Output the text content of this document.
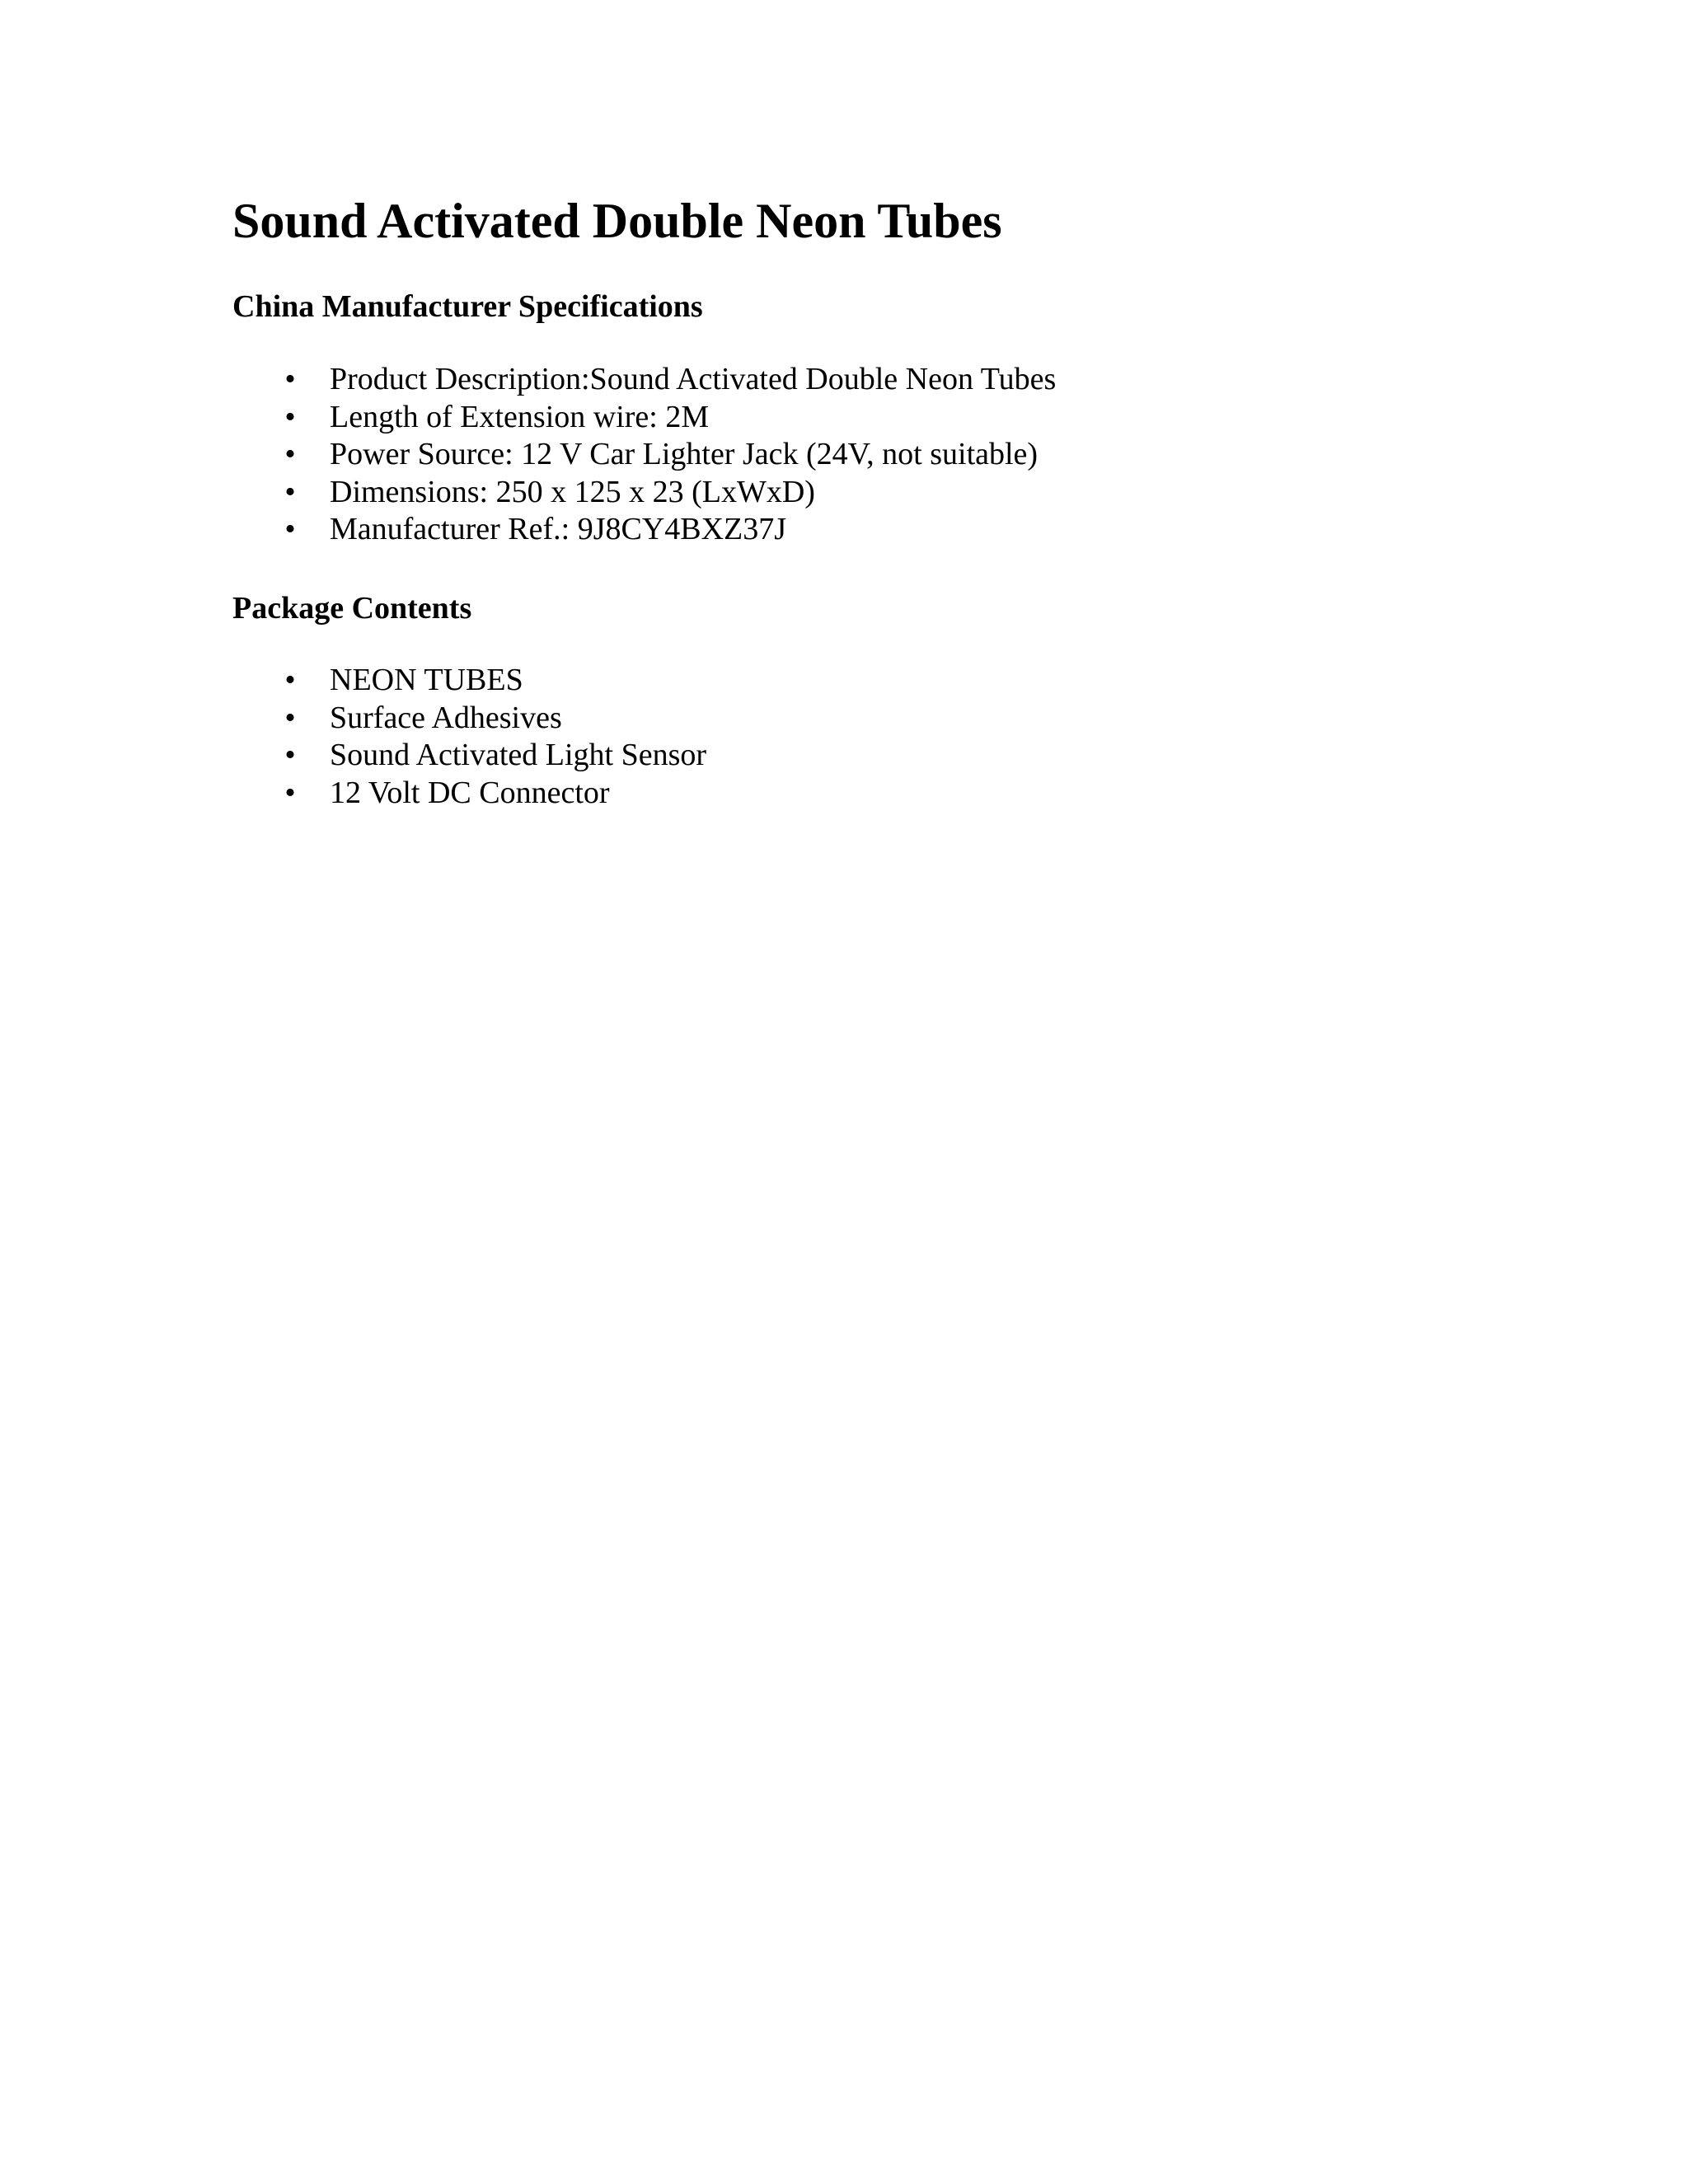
Sound Activated Double Neon Tubes
China Manufacturer Specifications
• Product Description:Sound Activated Double Neon Tubes
• Length of Extension wire: 2M
• Power Source: 12 V Car Lighter Jack (24V, not suitable)
• Dimensions: 250 x 125 x 23 (LxWxD)
• Manufacturer Ref.: 9J8CY4BXZ37J
Package Contents
• NEON TUBES
• Surface Adhesives
• Sound Activated Light Sensor
• 12 Volt DC Connector
